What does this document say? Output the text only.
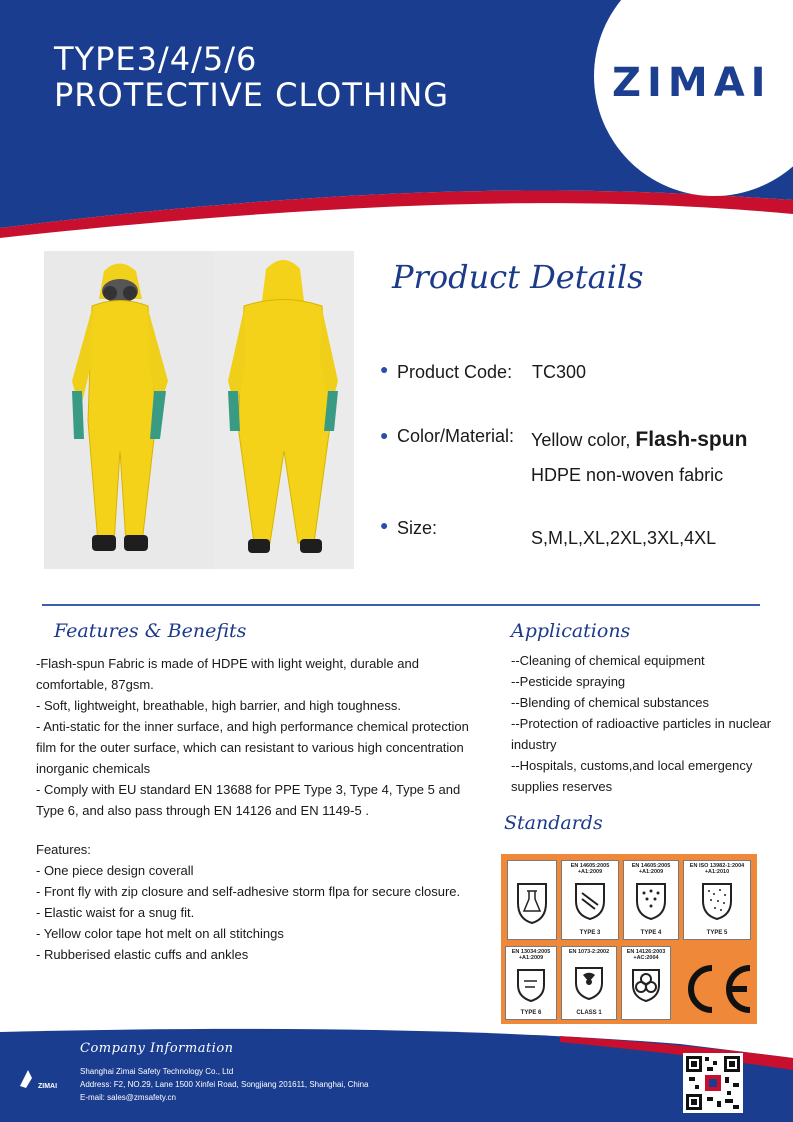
TYPE3/4/5/6
PROTECTIVE CLOTHING	ZIMAI
Product Details
● Product Code: TC300
● Color/Material: Yellow color, Flash-spun
HDPE non-woven fabric
● Size:	S,M,L,XL,2XL,3XL,4XL
Features & Benefits

-Flash-spun Fabric is made of HDPE with light weight, durable and comfortable, 87gsm.

- Soft, lightweight, breathable, high barrier, and high toughness.

- Anti-static for the inner surface, and high performance chemical protection film for the outer surface, which can resistant to various high concentration inorganic chemicals

- Comply with EU standard EN 13688 for PPE Type 3, Type 4, Type 5 and Type 6, and also pass through EN 14126 and EN 1149-5 .

Features:

- One piece design coverall

- Front fly with zip closure and self-adhesive storm flpa for secure closure.

- Elastic waist for a snug fit.

- Yellow color tape hot melt on all stitchings

- Rubberised elastic cuffs and ankles

Applications

--Cleaning of chemical equipment

--Pesticide spraying

--Blending of chemical substances

--Protection of radioactive particles in nuclear industry

--Hospitals, customs,and local emergency supplies reserves

Standards
EN 14605:2005 +A1:2009
TYPE 3
EN 14605:2005 +A1:2009
TYPE 4
EN ISO 13982-1:2004 +A1:2010
TYPE 5
EN 13034:2005 +A1:2009
TYPE 6
EN 1073-2:2002
CLASS 1
EN 14126:2003 +AC:2004
Company Information
Shanghai Zimai Safety Technology Co., Ltd
Address: F2, NO.29, Lane 1500 Xinfei Road, Songjiang 201611, Shanghai, China
E-mail: sales@zmsafety.cn
ZIMAI
